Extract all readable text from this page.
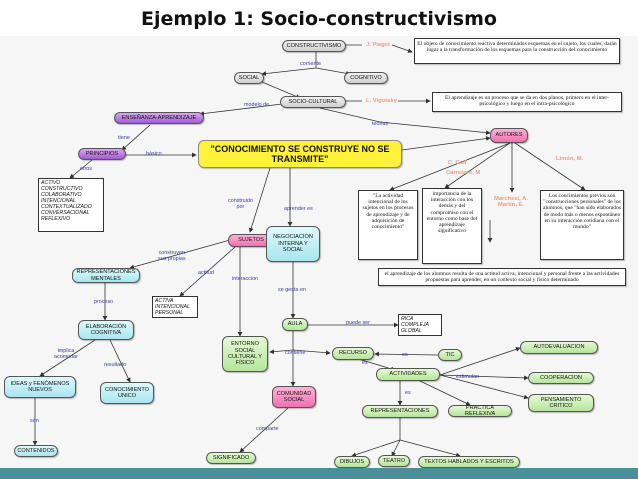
Ejemplo 1: Socio-constructivismo
CONSTRUCTIVISMO	J. Piaget	El objeto de conocimiento reactiva determinados esquemas en el sujeto, los cuales, darán lugar a la transformación de los esquemas para la construcción del conocimiento
corriente
SOCIAL	COGNITIVO
SOCIO-CULTURAL	L. Vigotsky	El aprendizaje es un proceso que se da en dos planos, primero en el inter-psicológico y luego en el intra-psicológico
modelo de
teorias
ENSEÑANZA-APRENDIZAJE
tiene
PRINCIPIOS	básico
otros
ACTIVO
CONSTRUCTIVO
COLABORATIVO
INTENCIONAL
CONTEXTUALIZADO
CONVERSACIONAL
REFLEXIVO
"CONOCIMIENTO SE CONSTRUYE NO SE TRANSMITE"
AUTORES
C. Coll
Carretero, M
Limón, M.
Marchesi, A.
Martin, E.
"La actividad intencional de los sujetos en los procesos de aprendizaje y de adquisición de conocimiento"
importancia de la interacción con los demás y del compromiso con el entorno como base del aprendizaje significativo
Los concimientos previos son "construcciones personales" de los alumnos, que "han sido elaborados de modo más o menos espontáneo en su interacción cotidiana con el mundo"
el aprendizaje de los alumnos resulta de una actitud activa, intencional y personal frente a las actividades propuestas para aprender, en un contexto social y físico determinado
construido
por	aprender es
SUJETOS	NEGOCIACION INTERNA Y SOCIAL
construyen
sus propias
actitud
interaccion
REPRESENTACIONES MENTALES
ACTIVA
INTENCIONAL
PERSONAL
proceso
ELABORACIÓN COGNITIVA
implica
acomodar
resultado
IDEAS y FENÓMENOS NUEVOS	CONOCIMIENTO UNICO
son
CONTENIDOS
se gesta en
AULA	puede ser
RICA
COMPLEJA
GLOBAL
ENTORNO SOCIAL CULTURAL Y FÍSICO
contiene	RECURSO	es	TIC
es
COMUNIDAD SOCIAL
comparte
SIGNIFICADO
ACTIVIDADES	estimulan
AUTOEVALUACION
COOPERACION
PENSAMIENTO CRITICO
es
REPRESENTACIONES
PRACTICA REFLEXIVA
DIBUJOS	TEATRO	TEXTOS HABLADOS Y ESCRITOS
